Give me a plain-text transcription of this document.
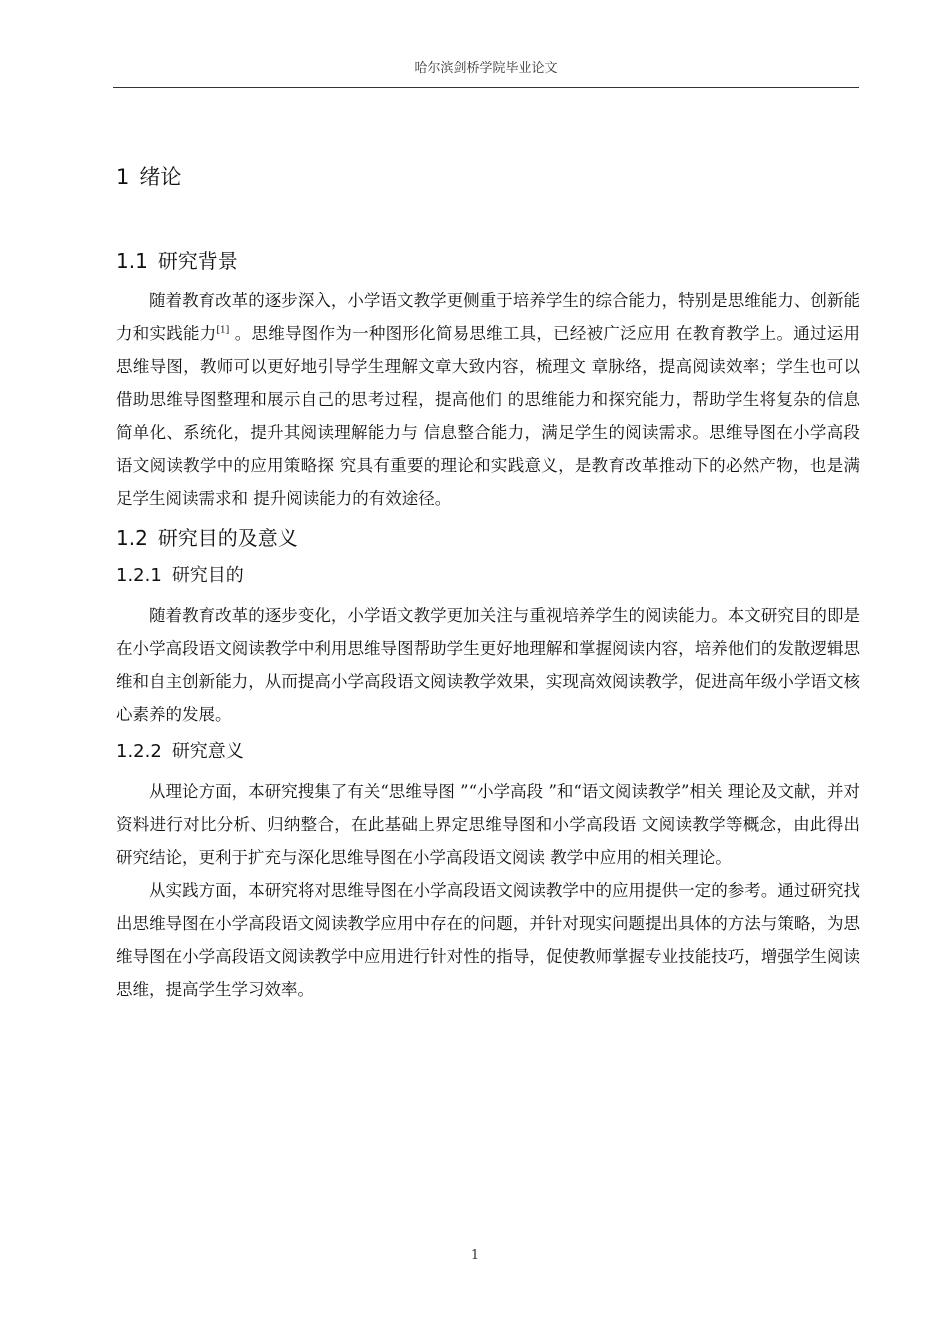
哈尔滨剑桥学院毕业论文
1 绪论
1.1 研究背景

随着教育改革的逐步深入，小学语文教学更侧重于培养学生的综合能力，特别是思维能力、创新能力和实践能力[1] 。思维导图作为一种图形化简易思维工具，已经被广泛应用 在教育教学上。通过运用思维导图，教师可以更好地引导学生理解文章大致内容，梳理文 章脉络，提高阅读效率；学生也可以借助思维导图整理和展示自己的思考过程，提高他们 的思维能力和探究能力，帮助学生将复杂的信息简单化、系统化，提升其阅读理解能力与 信息整合能力，满足学生的阅读需求。思维导图在小学高段语文阅读教学中的应用策略探 究具有重要的理论和实践意义，是教育改革推动下的必然产物，也是满足学生阅读需求和 提升阅读能力的有效途径。

1.2 研究目的及意义
1.2.1 研究目的

随着教育改革的逐步变化，小学语文教学更加关注与重视培养学生的阅读能力。本文研究目的即是在小学高段语文阅读教学中利用思维导图帮助学生更好地理解和掌握阅读内容，培养他们的发散逻辑思维和自主创新能力，从而提高小学高段语文阅读教学效果，实现高效阅读教学，促进高年级小学语文核心素养的发展。

1.2.2 研究意义

从理论方面，本研究搜集了有关“思维导图 ”“小学高段 ”和“语文阅读教学”相关 理论及文献，并对资料进行对比分析、归纳整合，在此基础上界定思维导图和小学高段语 文阅读教学等概念，由此得出研究结论，更利于扩充与深化思维导图在小学高段语文阅读 教学中应用的相关理论。

从实践方面，本研究将对思维导图在小学高段语文阅读教学中的应用提供一定的参考。通过研究找出思维导图在小学高段语文阅读教学应用中存在的问题，并针对现实问题提出具体的方法与策略，为思维导图在小学高段语文阅读教学中应用进行针对性的指导，促使教师掌握专业技能技巧，增强学生阅读思维，提高学生学习效率。

1
